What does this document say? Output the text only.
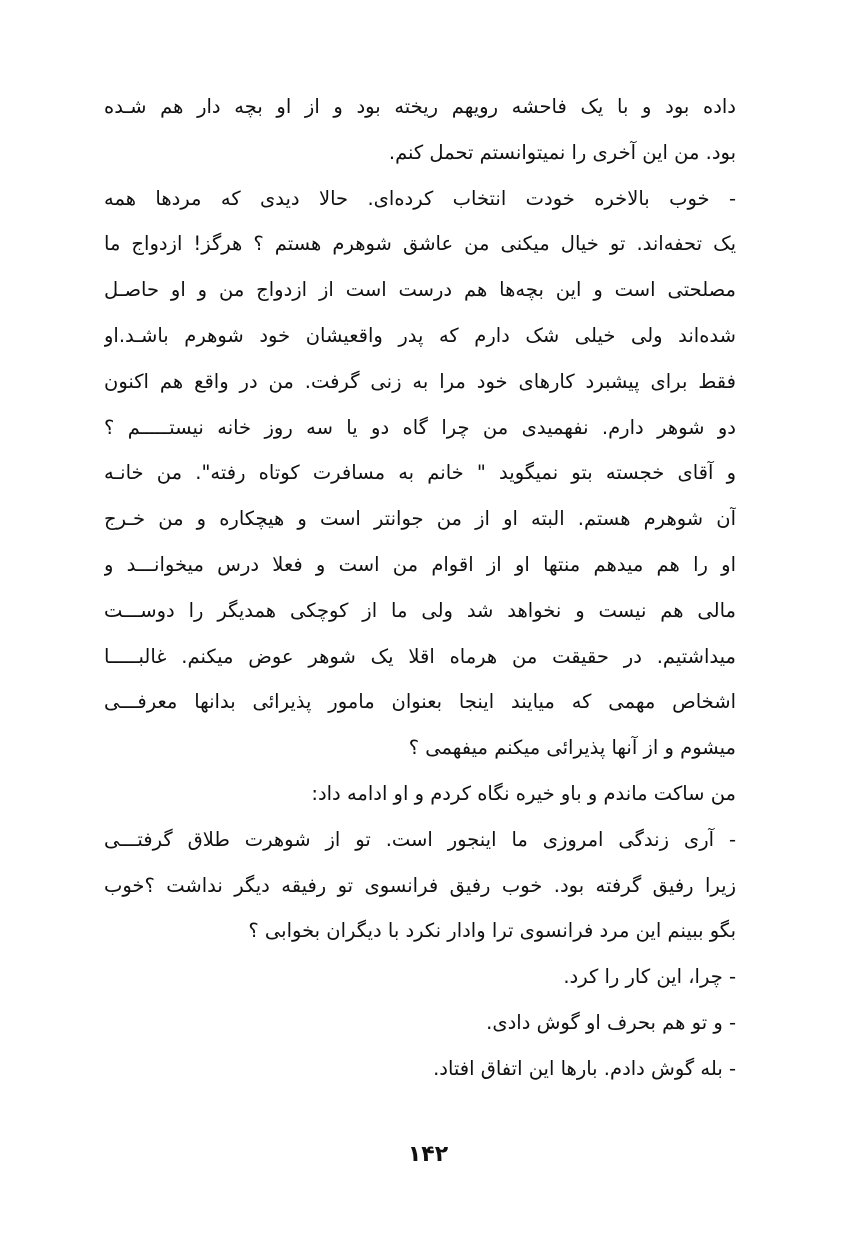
داده بود و با یک فاحشه رویهم ریخته بود و از او بچه دار هم شـده
بود. من این آخری را نمیتوانستم تحمل کنم.
- خوب بالاخره خودت انتخاب کرده‌ای. حالا دیدی که مردها همه
یک تحفه‌اند. تو خیال میکنی من عاشق شوهرم هستم ؟ هرگز! ازدواج ما
مصلحتی است و این بچه‌ها هم درست است از ازدواج من و او حاصـل
شده‌اند ولی خیلی شک دارم که پدر واقعیشان خود شوهرم باشـد.او
فقط برای پیشبرد کارهای خود مرا به زنی گرفت. من در واقع هم اکنون
دو شوهر دارم. نفهمیدی من چرا گاه دو یا سه روز خانه نیستـــــم ؟
و آقای خجسته بتو نمیگوید " خانم به مسافرت کوتاه رفته". من خانـه
آن شوهرم هستم. البته او از من جوانتر است و هیچکاره و من خـرج
او را هم میدهم منتها او از اقوام من است و فعلا درس میخوانـــد و
مالی هم نیست و نخواهد شد ولی ما از کوچکی همدیگر را دوســـت
میداشتیم. در حقیقت من هرماه اقلا یک شوهر عوض میکنم. غالبـــــا
اشخاص مهمی که میایند اینجا بعنوان مامور پذیرائی بدانها معرفـــی
میشوم و از آنها پذیرائی میکنم میفهمی ؟
من ساکت ماندم و باو خیره نگاه کردم و او ادامه داد:
- آری زندگی امروزی ما اینجور است. تو از شوهرت طلاق گرفتـــی
زیرا رفیق گرفته بود. خوب رفیق فرانسوی تو رفیقه دیگر نداشت ؟خوب
بگو ببینم این مرد فرانسوی ترا وادار نکرد با دیگران بخوابی ؟
- چرا، این کار را کرد.
- و تو هم بحرف او گوش دادی.
- بله گوش دادم. بارها این اتفاق افتاد.
۱۴۲
